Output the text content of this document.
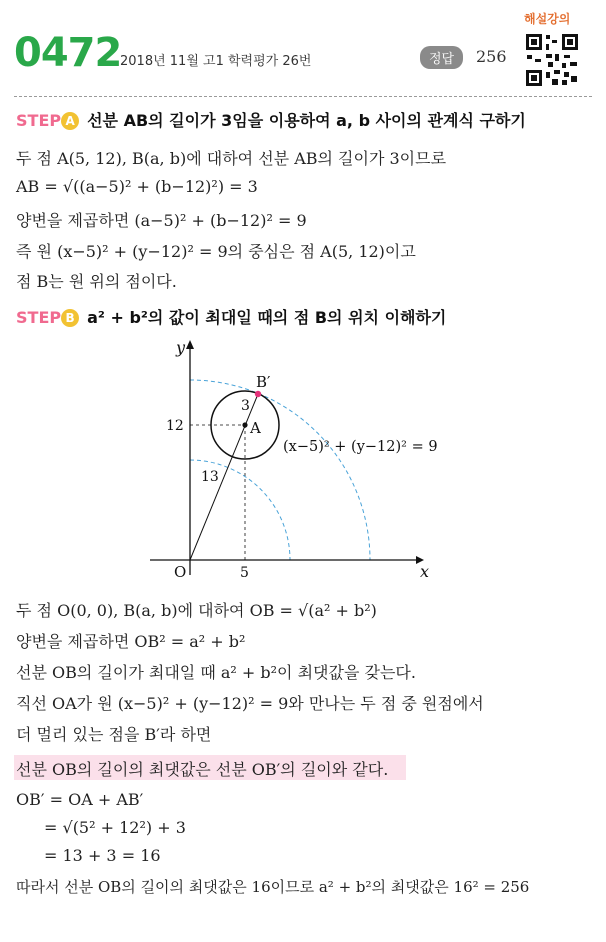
0472
2018년 11월 고1 학력평가 26번	정답	256
해설강의
STEP A 선분 AB의 길이가 3임을 이용하여 a, b 사이의 관계식 구하기
두 점 A(5, 12), B(a, b)에 대하여 선분 AB의 길이가 3이므로
AB = √((a−5)² + (b−12)²) = 3
양변을 제곱하면 (a−5)² + (b−12)² = 9
즉 원 (x−5)² + (y−12)² = 9의 중심은 점 A(5, 12)이고
점 B는 원 위의 점이다.
STEP B a² + b²의 값이 최대일 때의 점 B의 위치 이해하기
y
x
O	5
12	A
B′
3
13
(x−5)² + (y−12)² = 9
두 점 O(0, 0), B(a, b)에 대하여 OB = √(a² + b²)
양변을 제곱하면 OB² = a² + b²
선분 OB의 길이가 최대일 때 a² + b²이 최댓값을 갖는다.
직선 OA가 원 (x−5)² + (y−12)² = 9와 만나는 두 점 중 원점에서
더 멀리 있는 점을 B′라 하면
선분 OB의 길이의 최댓값은 선분 OB′의 길이와 같다.
OB′ = OA + AB′
= √(5² + 12²) + 3
= 13 + 3 = 16
따라서 선분 OB의 길이의 최댓값은 16이므로 a² + b²의 최댓값은 16² = 256
